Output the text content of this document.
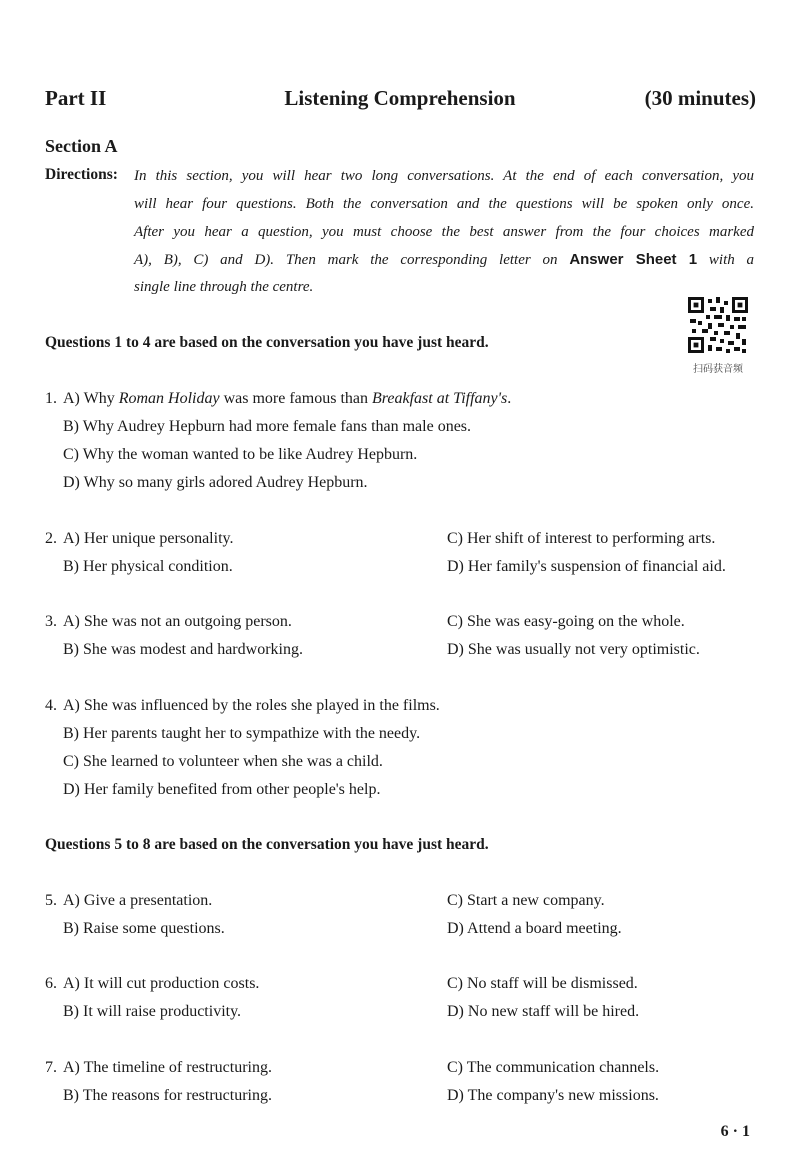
Part II	Listening Comprehension	(30 minutes)
Section A
Directions: In this section, you will hear two long conversations. At the end of each conversation, you
will hear four questions. Both the conversation and the questions will be spoken only once.
After you hear a question, you must choose the best answer from the four choices marked
A), B), C) and D). Then mark the corresponding letter on Answer Sheet 1 with a
single line through the centre.
扫码获音频
Questions 1 to 4 are based on the conversation you have just heard.
1. A) Why Roman Holiday was more famous than Breakfast at Tiffany's.
B) Why Audrey Hepburn had more female fans than male ones.
C) Why the woman wanted to be like Audrey Hepburn.
D) Why so many girls adored Audrey Hepburn.
2. A) Her unique personality.	C) Her shift of interest to performing arts.
B) Her physical condition.	D) Her family's suspension of financial aid.
3. A) She was not an outgoing person.	C) She was easy-going on the whole.
B) She was modest and hardworking.	D) She was usually not very optimistic.
4. A) She was influenced by the roles she played in the films.
B) Her parents taught her to sympathize with the needy.
C) She learned to volunteer when she was a child.
D) Her family benefited from other people's help.
Questions 5 to 8 are based on the conversation you have just heard.
5. A) Give a presentation.	C) Start a new company.
B) Raise some questions.	D) Attend a board meeting.
6. A) It will cut production costs.	C) No staff will be dismissed.
B) It will raise productivity.	D) No new staff will be hired.
7. A) The timeline of restructuring.	C) The communication channels.
B) The reasons for restructuring.	D) The company's new missions.
6 · 1
